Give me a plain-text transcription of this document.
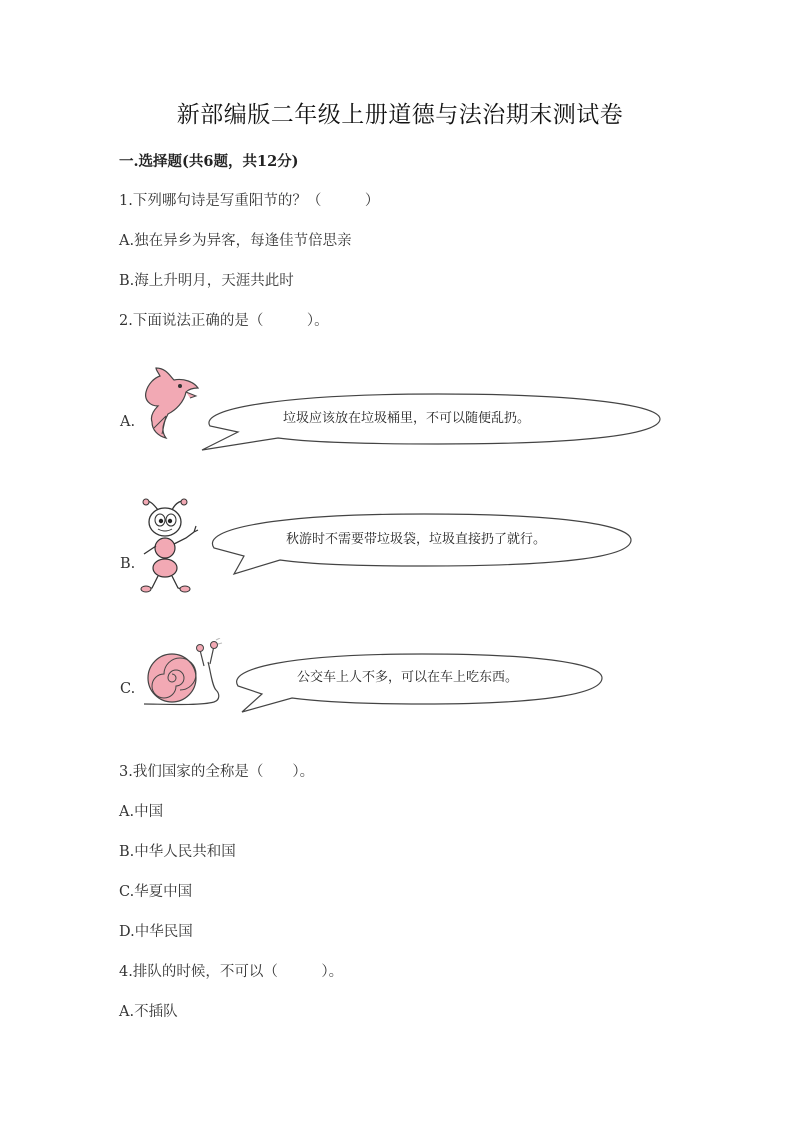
新部编版二年级上册道德与法治期末测试卷
一.选择题(共6题，共12分)
1.下列哪句诗是写重阳节的？（　　　）
A.独在异乡为异客，每逢佳节倍思亲
B.海上升明月，天涯共此时
2.下面说法正确的是（　　　）。
A.	垃圾应该放在垃圾桶里，不可以随便乱扔。
B.
秋游时不需要带垃圾袋，垃圾直接扔了就行。
C.
公交车上人不多，可以在车上吃东西。
3.我们国家的全称是（　　）。
A.中国
B.中华人民共和国
C.华夏中国
D.中华民国
4.排队的时候，不可以（　　　）。
A.不插队
